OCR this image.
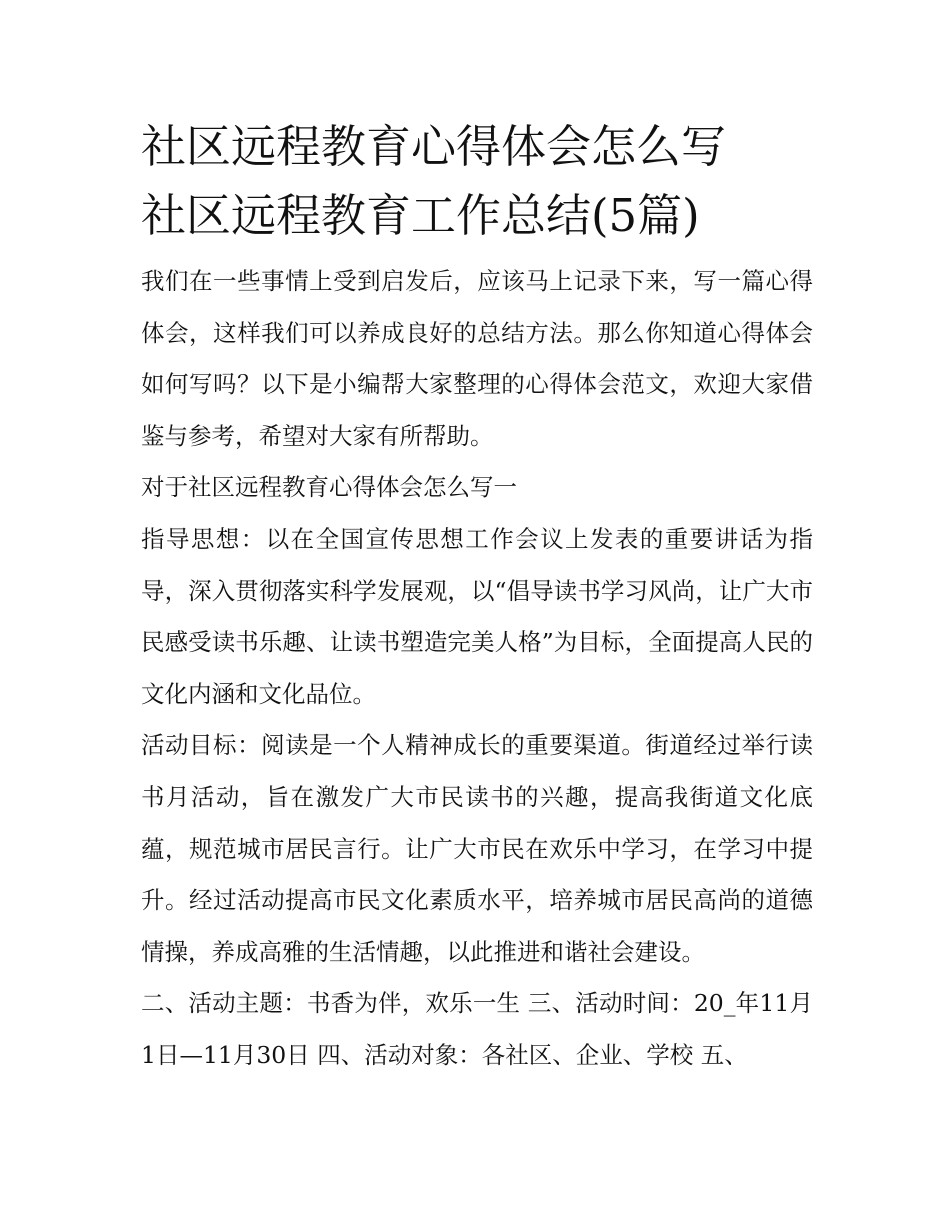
社区远程教育心得体会怎么写
社区远程教育工作总结(5篇)

我们在一些事情上受到启发后，应该马上记录下来，写一篇心得体会，这样我们可以养成良好的总结方法。那么你知道心得体会如何写吗？以下是小编帮大家整理的心得体会范文，欢迎大家借鉴与参考，希望对大家有所帮助。

对于社区远程教育心得体会怎么写一

指导思想：以在全国宣传思想工作会议上发表的重要讲话为指导，深入贯彻落实科学发展观，以“倡导读书学习风尚，让广大市民感受读书乐趣、让读书塑造完美人格”为目标，全面提高人民的文化内涵和文化品位。

活动目标：阅读是一个人精神成长的重要渠道。街道经过举行读书月活动，旨在激发广大市民读书的兴趣，提高我街道文化底蕴，规范城市居民言行。让广大市民在欢乐中学习，在学习中提升。经过活动提高市民文化素质水平，培养城市居民高尚的道德情操，养成高雅的生活情趣，以此推进和谐社会建设。

二、活动主题：书香为伴，欢乐一生 三、活动时间：20_年11月1日—11月30日 四、活动对象：各社区、企业、学校 五、
